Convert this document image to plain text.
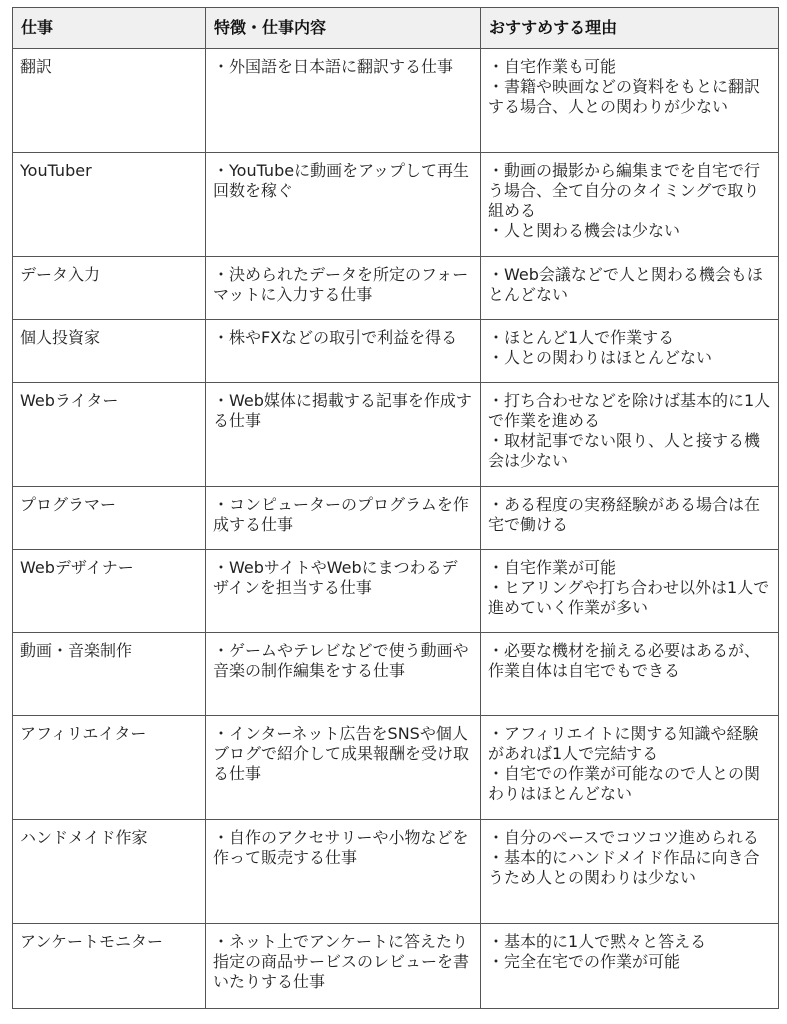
仕事	特徴・仕事内容	おすすめする理由
翻訳	・外国語を日本語に翻訳する仕事	・自宅作業も可能
・書籍や映画などの資料をもとに翻訳する場合、人との関わりが少ない

YouTuber	・YouTubeに動画をアップして再生回数を稼ぐ	・動画の撮影から編集までを自宅で行う場合、全て自分のタイミングで取り組める
・人と関わる機会は少ない

データ入力	・決められたデータを所定のフォーマットに入力する仕事	・Web会議などで人と関わる機会もほとんどない

個人投資家	・株やFXなどの取引で利益を得る	・ほとんど1人で作業する
・人との関わりはほとんどない

Webライター	・Web媒体に掲載する記事を作成する仕事	・打ち合わせなどを除けば基本的に1人で作業を進める
・取材記事でない限り、人と接する機会は少ない

プログラマー	・コンピューターのプログラムを作成する仕事	・ある程度の実務経験がある場合は在宅で働ける

Webデザイナー	・WebサイトやWebにまつわるデザインを担当する仕事	・自宅作業が可能
・ヒアリングや打ち合わせ以外は1人で進めていく作業が多い

動画・音楽制作	・ゲームやテレビなどで使う動画や音楽の制作編集をする仕事	・必要な機材を揃える必要はあるが、作業自体は自宅でもできる

アフィリエイター	・インターネット広告をSNSや個人ブログで紹介して成果報酬を受け取る仕事	・アフィリエイトに関する知識や経験があれば1人で完結する
・自宅での作業が可能なので人との関わりはほとんどない

ハンドメイド作家	・自作のアクセサリーや小物などを作って販売する仕事	・自分のペースでコツコツ進められる
・基本的にハンドメイド作品に向き合うため人との関わりは少ない

アンケートモニター	・ネット上でアンケートに答えたり指定の商品サービスのレビューを書いたりする仕事	・基本的に1人で黙々と答える
・完全在宅での作業が可能
